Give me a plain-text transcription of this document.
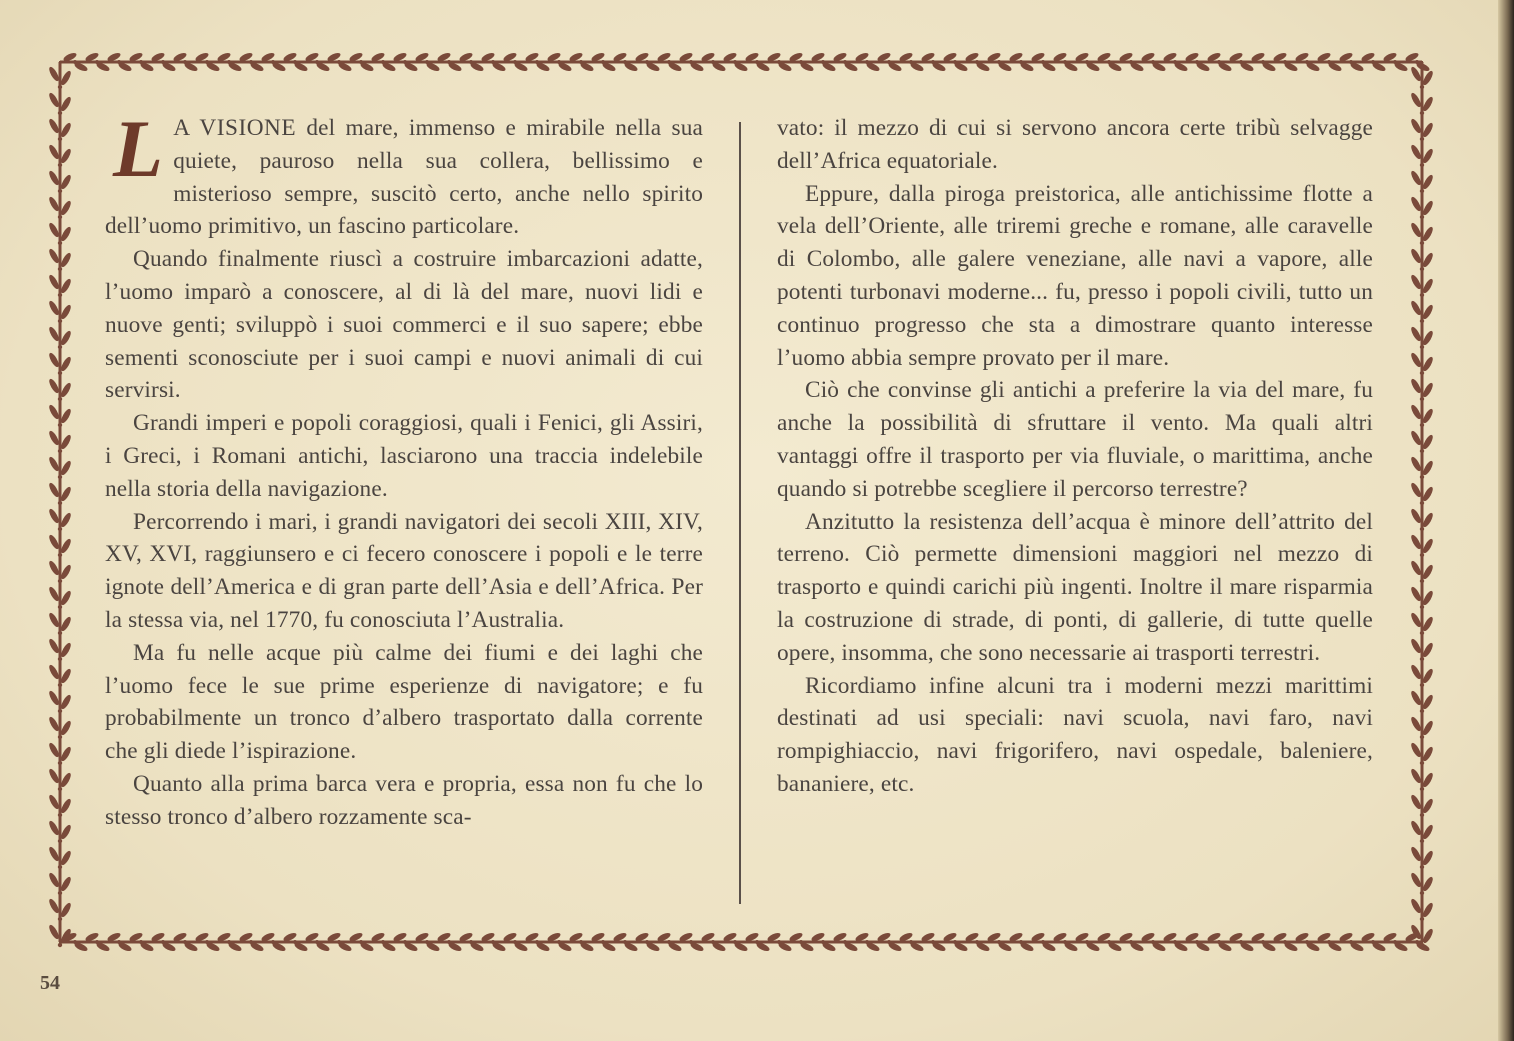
L A VISIONE del mare, immenso e mirabile nella sua quiete, pauroso nella sua collera, bellissimo e misterioso sempre, suscitò certo, anche nello spirito dell’uomo primitivo, un fascino particolare.

Quando finalmente riuscì a costruire imbarcazioni adatte, l’uomo imparò a conoscere, al di là del mare, nuovi lidi e nuove genti; sviluppò i suoi commerci e il suo sapere; ebbe sementi sconosciute per i suoi campi e nuovi animali di cui servirsi.

Grandi imperi e popoli coraggiosi, quali i Fenici, gli Assiri, i Greci, i Romani antichi, lasciarono una traccia indelebile nella storia della navigazione.

Percorrendo i mari, i grandi navigatori dei secoli XIII, XIV, XV, XVI, raggiunsero e ci fecero conoscere i popoli e le terre ignote dell’America e di gran parte dell’Asia e dell’Africa. Per la stessa via, nel 1770, fu conosciuta l’Australia.

Ma fu nelle acque più calme dei fiumi e dei laghi che l’uomo fece le sue prime esperienze di navigatore; e fu probabilmente un tronco d’albero trasportato dalla corrente che gli diede l’ispirazione.

Quanto alla prima barca vera e propria, essa non fu che lo stesso tronco d’albero rozzamente sca-

vato: il mezzo di cui si servono ancora certe tribù selvagge dell’Africa equatoriale.

Eppure, dalla piroga preistorica, alle antichissime flotte a vela dell’Oriente, alle triremi greche e romane, alle caravelle di Colombo, alle galere veneziane, alle navi a vapore, alle potenti turbonavi moderne... fu, presso i popoli civili, tutto un continuo progresso che sta a dimostrare quanto interesse l’uomo abbia sempre provato per il mare.

Ciò che convinse gli antichi a preferire la via del mare, fu anche la possibilità di sfruttare il vento. Ma quali altri vantaggi offre il trasporto per via fluviale, o marittima, anche quando si potrebbe scegliere il percorso terrestre?

Anzitutto la resistenza dell’acqua è minore dell’attrito del terreno. Ciò permette dimensioni maggiori nel mezzo di trasporto e quindi carichi più ingenti. Inoltre il mare risparmia la costruzione di strade, di ponti, di gallerie, di tutte quelle opere, insomma, che sono necessarie ai trasporti terrestri.

Ricordiamo infine alcuni tra i moderni mezzi marittimi destinati ad usi speciali: navi scuola, navi faro, navi rompighiaccio, navi frigorifero, navi ospedale, baleniere, bananiere, etc.

54
